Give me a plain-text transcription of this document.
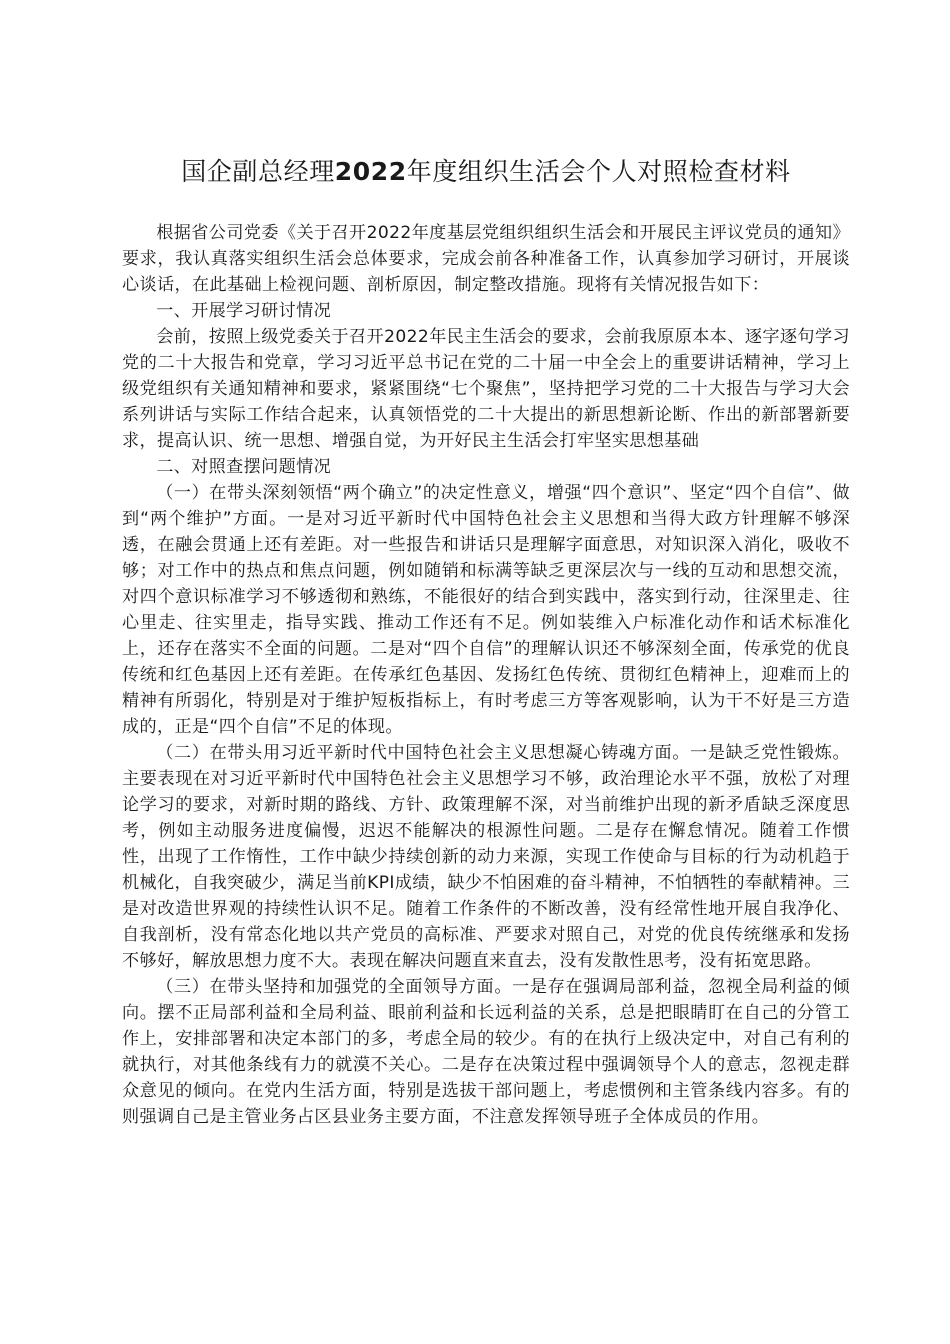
国企副总经理2022年度组织生活会个人对照检查材料

根据省公司党委《关于召开2022年度基层党组织组织生活会和开展民主评议党员的通知》要求，我认真落实组织生活会总体要求，完成会前各种准备工作，认真参加学习研讨，开展谈心谈话，在此基础上检视问题、剖析原因，制定整改措施。现将有关情况报告如下：

一、开展学习研讨情况

会前，按照上级党委关于召开2022年民主生活会的要求，会前我原原本本、逐字逐句学习党的二十大报告和党章，学习习近平总书记在党的二十届一中全会上的重要讲话精神，学习上级党组织有关通知精神和要求，紧紧围绕“七个聚焦”，坚持把学习党的二十大报告与学习大会系列讲话与实际工作结合起来，认真领悟党的二十大提出的新思想新论断、作出的新部署新要求，提高认识、统一思想、增强自觉，为开好民主生活会打牢坚实思想基础

二、对照查摆问题情况

（一）在带头深刻领悟“两个确立”的决定性意义，增强“四个意识”、坚定“四个自信”、做到“两个维护”方面。一是对习近平新时代中国特色社会主义思想和当得大政方针理解不够深透，在融会贯通上还有差距。对一些报告和讲话只是理解字面意思，对知识深入消化，吸收不够；对工作中的热点和焦点问题，例如随销和标满等缺乏更深层次与一线的互动和思想交流，对四个意识标准学习不够透彻和熟练，不能很好的结合到实践中，落实到行动，往深里走、往心里走、往实里走，指导实践、推动工作还有不足。例如装维入户标准化动作和话术标准化上，还存在落实不全面的问题。二是对“四个自信”的理解认识还不够深刻全面，传承党的优良传统和红色基因上还有差距。在传承红色基因、发扬红色传统、贯彻红色精神上，迎难而上的精神有所弱化，特别是对于维护短板指标上，有时考虑三方等客观影响，认为干不好是三方造成的，正是“四个自信”不足的体现。

（二）在带头用习近平新时代中国特色社会主义思想凝心铸魂方面。一是缺乏党性锻炼。主要表现在对习近平新时代中国特色社会主义思想学习不够，政治理论水平不强，放松了对理论学习的要求，对新时期的路线、方针、政策理解不深，对当前维护出现的新矛盾缺乏深度思考，例如主动服务进度偏慢，迟迟不能解决的根源性问题。二是存在懈怠情况。随着工作惯性，出现了工作惰性，工作中缺少持续创新的动力来源，实现工作使命与目标的行为动机趋于机械化，自我突破少，满足当前KPI成绩，缺少不怕困难的奋斗精神，不怕牺牲的奉献精神。三是对改造世界观的持续性认识不足。随着工作条件的不断改善，没有经常性地开展自我净化、自我剖析，没有常态化地以共产党员的高标准、严要求对照自己，对党的优良传统继承和发扬不够好，解放思想力度不大。表现在解决问题直来直去，没有发散性思考，没有拓宽思路。

（三）在带头坚持和加强党的全面领导方面。一是存在强调局部利益，忽视全局利益的倾向。摆不正局部利益和全局利益、眼前利益和长远利益的关系，总是把眼睛盯在自己的分管工作上，安排部署和决定本部门的多，考虑全局的较少。有的在执行上级决定中，对自己有利的就执行，对其他条线有力的就漠不关心。二是存在决策过程中强调领导个人的意志，忽视走群众意见的倾向。在党内生活方面，特别是选拔干部问题上，考虑惯例和主管条线内容多。有的则强调自己是主管业务占区县业务主要方面，不注意发挥领导班子全体成员的作用。
